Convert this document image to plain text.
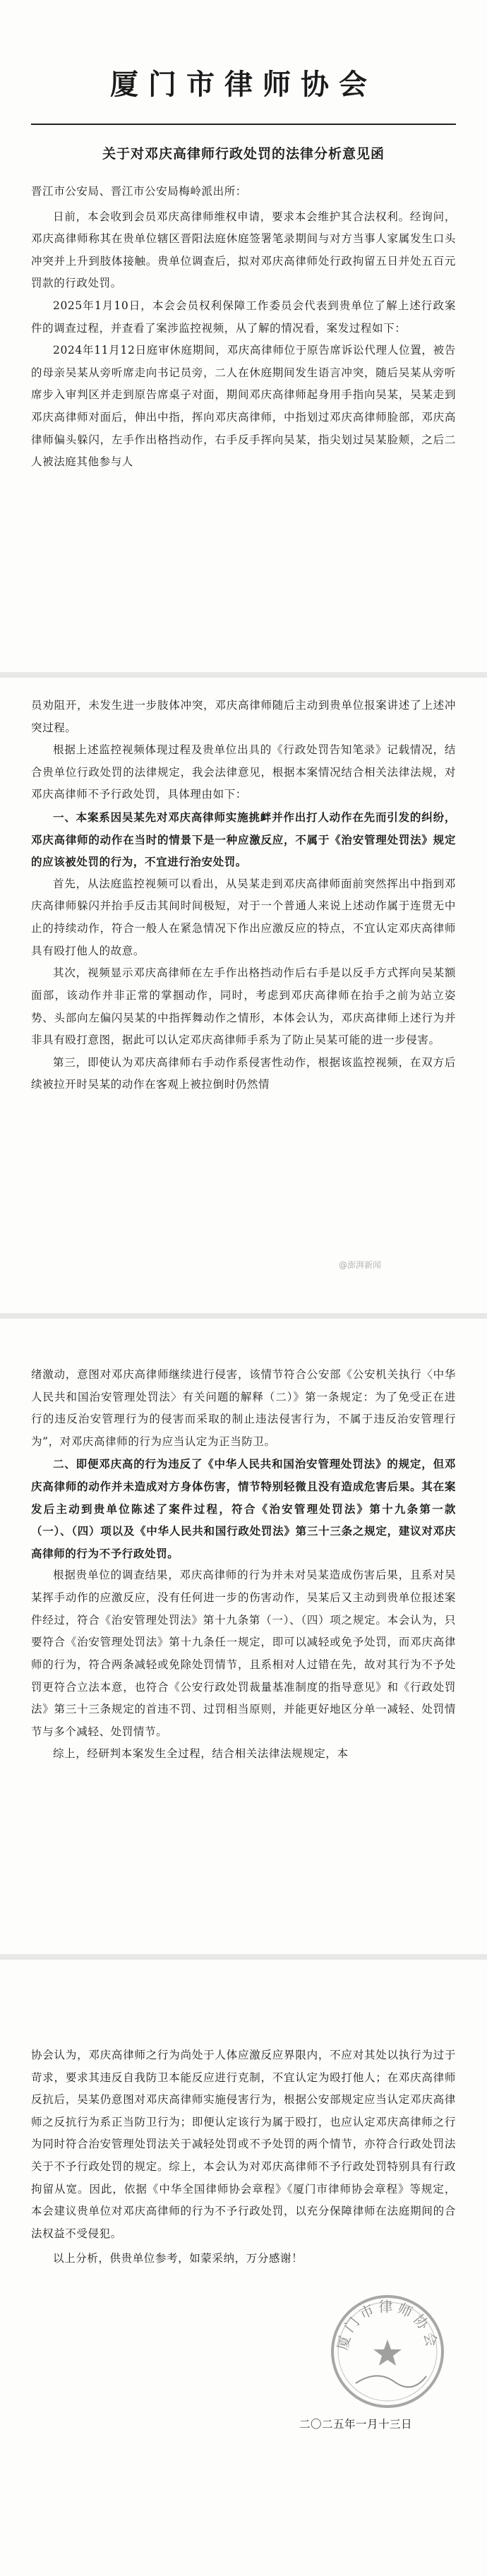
厦门市律师协会
关于对邓庆高律师行政处罚的法律分析意见函
晋江市公安局、晋江市公安局梅岭派出所：
日前，本会收到会员邓庆高律师维权申请，要求本会维护其合法权利。经询问，邓庆高律师称其在贵单位辖区晋阳法庭休庭签署笔录期间与对方当事人家属发生口头冲突并上升到肢体接触。贵单位调查后，拟对邓庆高律师处行政拘留五日并处五百元罚款的行政处罚。
2025年1月10日，本会会员权利保障工作委员会代表到贵单位了解上述行政案件的调查过程，并查看了案涉监控视频，从了解的情况看，案发过程如下：
2024年11月12日庭审休庭期间，邓庆高律师位于原告席诉讼代理人位置，被告的母亲吴某从旁听席走向书记员旁，二人在休庭期间发生语言冲突，随后吴某从旁听席步入审判区并走到原告席桌子对面，期间邓庆高律师起身用手指向吴某，吴某走到邓庆高律师对面后，伸出中指，挥向邓庆高律师，中指划过邓庆高律师脸部，邓庆高律师偏头躲闪，左手作出格挡动作，右手反手挥向吴某，指尖划过吴某脸颊，之后二人被法庭其他参与人
员劝阻开，未发生进一步肢体冲突，邓庆高律师随后主动到贵单位报案讲述了上述冲突过程。
根据上述监控视频体现过程及贵单位出具的《行政处罚告知笔录》记载情况，结合贵单位行政处罚的法律规定，我会法律意见，根据本案情况结合相关法律法规，对邓庆高律师不予行政处罚，具体理由如下：
一、本案系因吴某先对邓庆高律师实施挑衅并作出打人动作在先而引发的纠纷，邓庆高律师的动作在当时的情景下是一种应激反应，不属于《治安管理处罚法》规定的应该被处罚的行为，不宜进行治安处罚。
首先，从法庭监控视频可以看出，从吴某走到邓庆高律师面前突然挥出中指到邓庆高律师躲闪并抬手反击其间时间极短，对于一个普通人来说上述动作属于连贯无中止的持续动作，符合一般人在紧急情况下作出应激反应的特点，不宜认定邓庆高律师具有殴打他人的故意。
其次，视频显示邓庆高律师在左手作出格挡动作后右手是以反手方式挥向吴某额面部，该动作并非正常的掌掴动作，同时，考虑到邓庆高律师在抬手之前为站立姿势、头部向左偏闪吴某的中指挥舞动作之情形，本体会认为，邓庆高律师上述行为并非具有殴打意图，据此可以认定邓庆高律师手系为了防止吴某可能的进一步侵害。
第三，即使认为邓庆高律师右手动作系侵害性动作，根据该监控视频，在双方后续被拉开时吴某的动作在客观上被拉倒时仍然情
@澎湃新闻
绪激动，意图对邓庆高律师继续进行侵害，该情节符合公安部《公安机关执行〈中华人民共和国治安管理处罚法〉有关问题的解释（二）》第一条规定：为了免受正在进行的违反治安管理行为的侵害而采取的制止违法侵害行为，不属于违反治安管理行为”，对邓庆高律师的行为应当认定为正当防卫。
二、即便邓庆高的行为违反了《中华人民共和国治安管理处罚法》的规定，但邓庆高律师的动作并未造成对方身体伤害，情节特别轻微且没有造成危害后果。其在案发后主动到贵单位陈述了案件过程，符合《治安管理处罚法》第十九条第一款（一）、（四）项以及《中华人民共和国行政处罚法》第三十三条之规定，建议对邓庆高律师的行为不予行政处罚。
根据贵单位的调查结果，邓庆高律师的行为并未对吴某造成伤害后果，且系对吴某挥手动作的应激反应，没有任何进一步的伤害动作，吴某后又主动到贵单位报述案件经过，符合《治安管理处罚法》第十九条第（一）、（四）项之规定。本会认为，只要符合《治安管理处罚法》第十九条任一规定，即可以减轻或免予处罚，而邓庆高律师的行为，符合两条减轻或免除处罚情节，且系相对人过错在先，故对其行为不予处罚更符合立法本意，也符合《公安行政处罚裁量基准制度的指导意见》和《行政处罚法》第三十三条规定的首违不罚、过罚相当原则，并能更好地区分单一减轻、处罚情节与多个减轻、处罚情节。
综上，经研判本案发生全过程，结合相关法律法规规定，本
协会认为，邓庆高律师之行为尚处于人体应激反应界限内，不应对其处以执行为过于苛求，要求其违反自我防卫本能反应进行克制，不宜认定为殴打他人；在邓庆高律师反抗后，吴某仍意图对邓庆高律师实施侵害行为，根据公安部规定应当认定邓庆高律师之反抗行为系正当防卫行为；即便认定该行为属于殴打，也应认定邓庆高律师之行为同时符合治安管理处罚法关于减轻处罚或不予处罚的两个情节，亦符合行政处罚法关于不予行政处罚的规定。综上，本会认为对邓庆高律师不予行政处罚特别具有行政拘留从宽。因此，依据《中华全国律师协会章程》《厦门市律师协会章程》等规定，本会建议贵单位对邓庆高律师的行为不予行政处罚，以充分保障律师在法庭期间的合法权益不受侵犯。
以上分析，供贵单位参考，如蒙采纳，万分感谢！
厦门市律师协会
二〇二五年一月十三日
